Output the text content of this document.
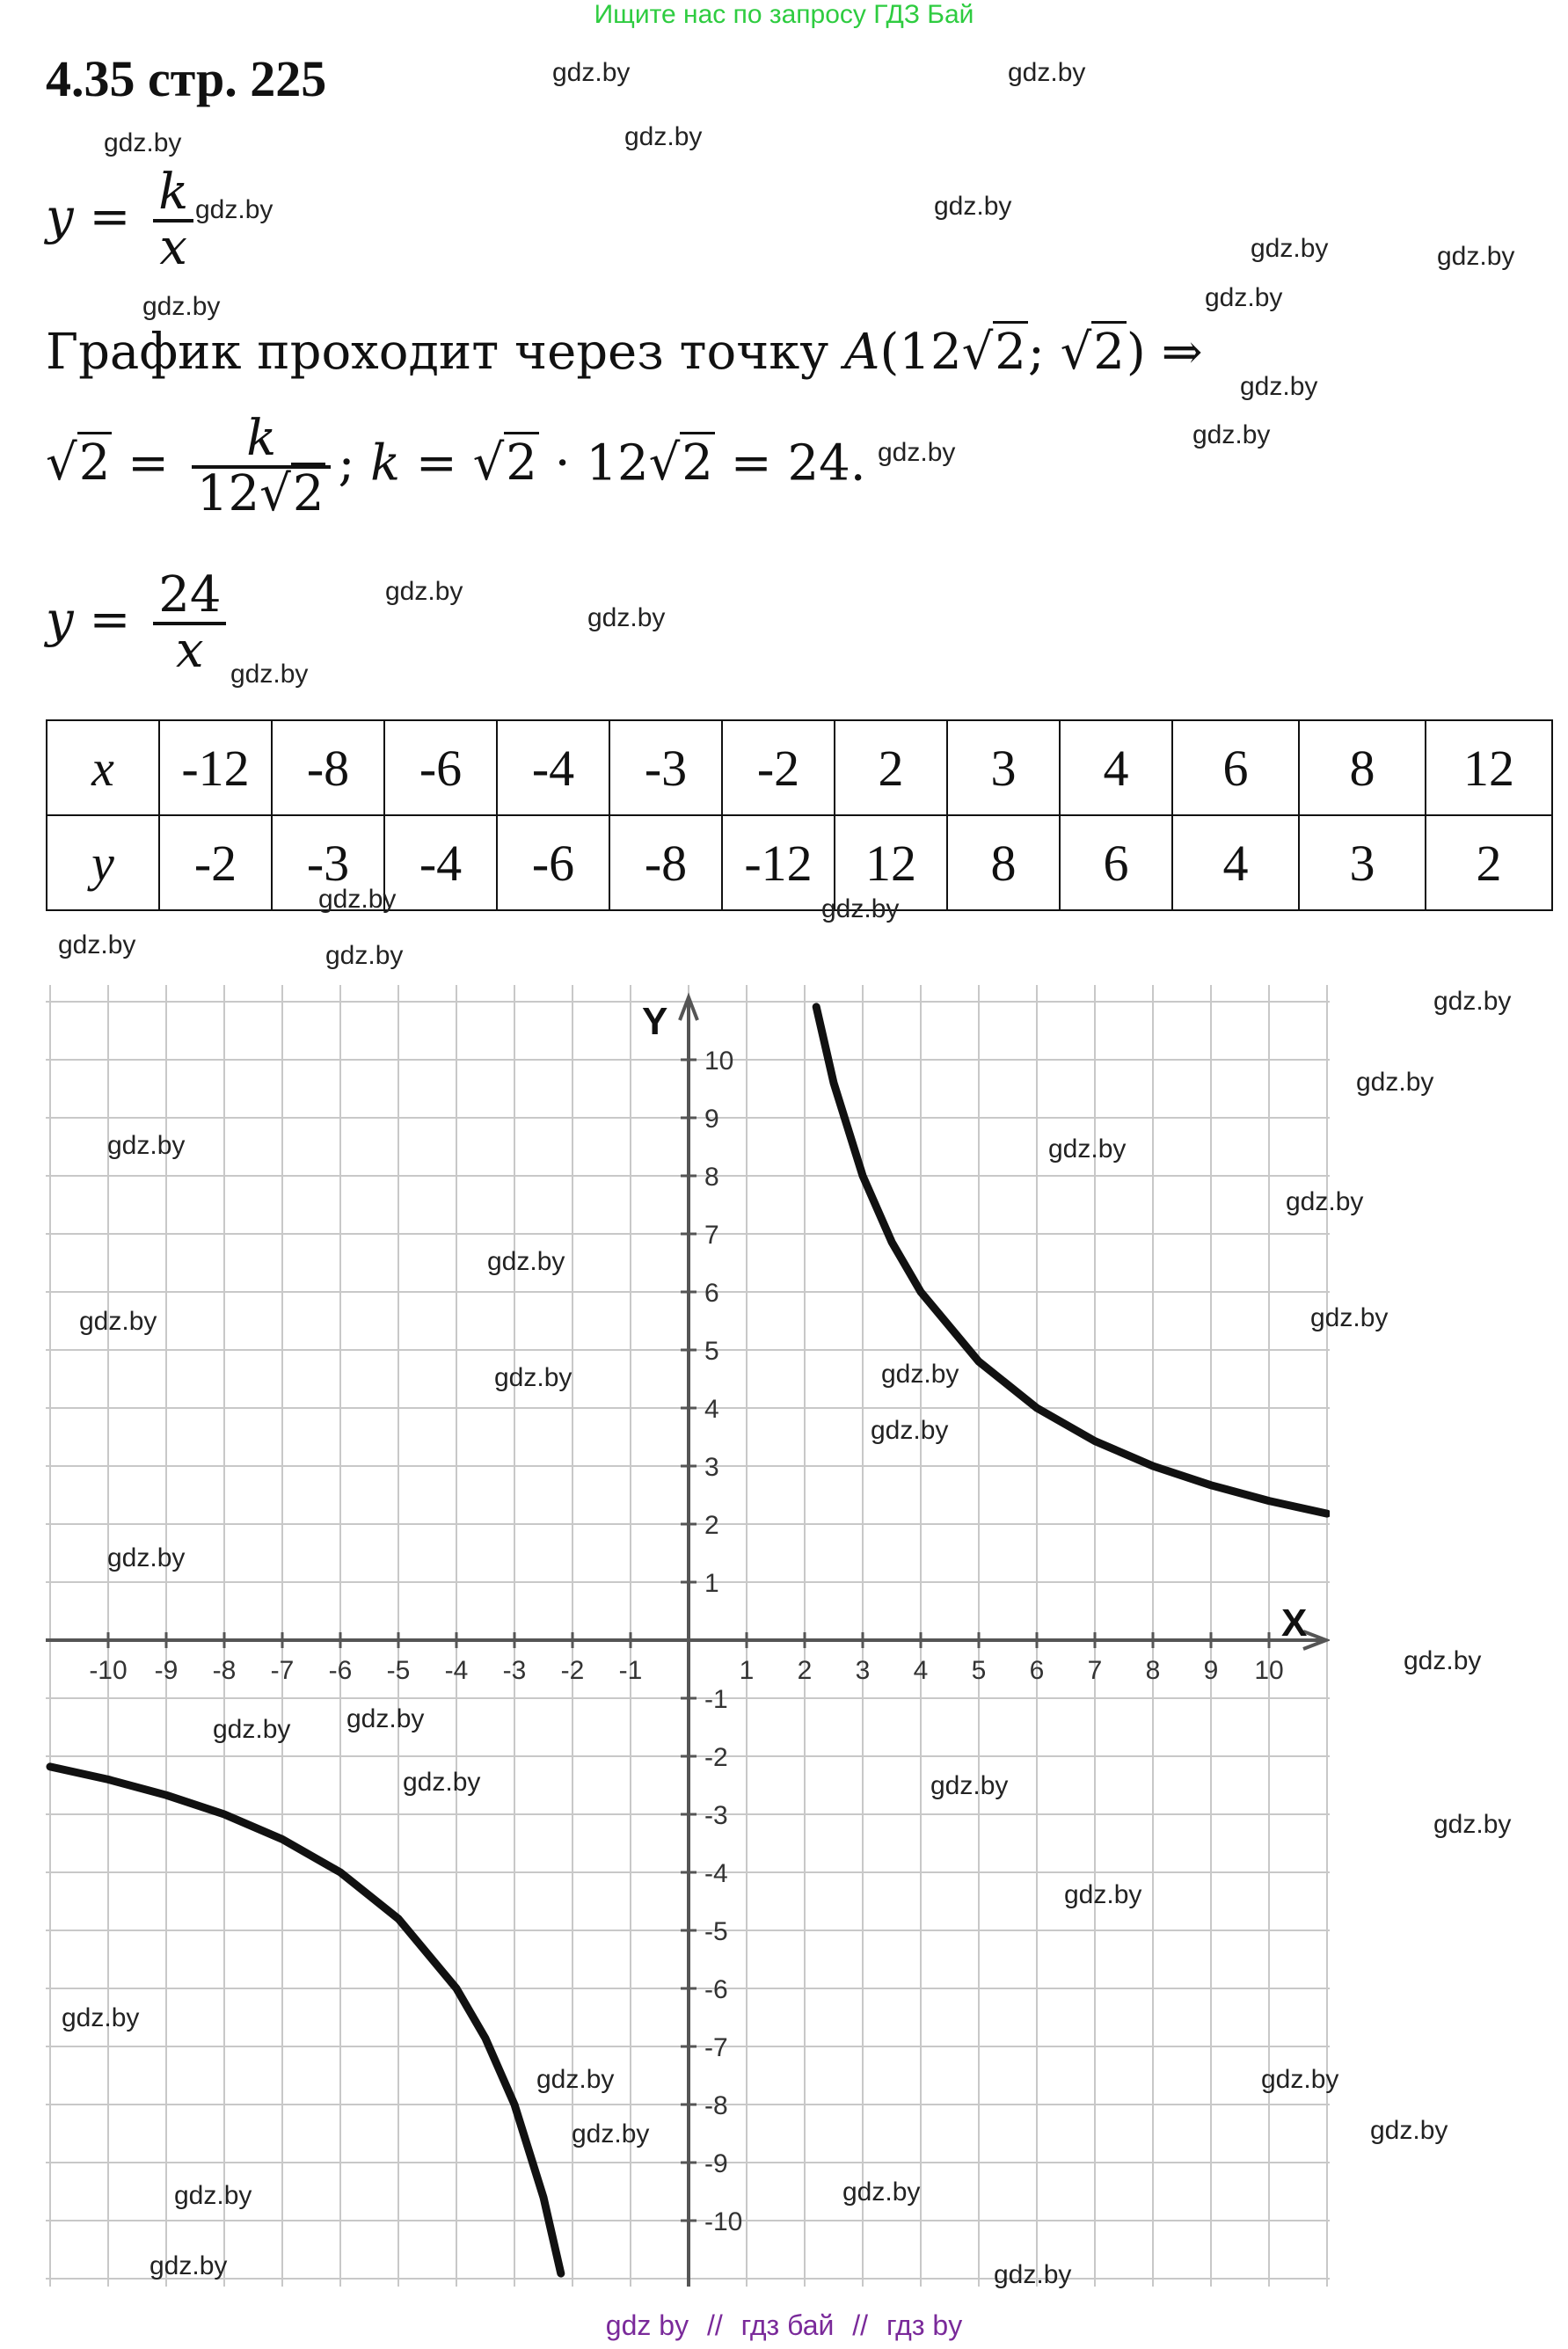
Ищите нас по запросу ГДЗ Бай
4.35 стр. 225
$y = \frac{k}{x}$
График проходит через точку A(12√2; √2) ⇒
$√2 = \frac{k}{12√2}$ ; k = √2 · 12√2 = 24.
$y = \frac{24}{x}$
x	-12	-8	-6	-4	-3	-2	2	3	4	6	8	12
y	-2	-3	-4	-6	-8	-12	12	8	6	4	3	2
-10 -9 -8 -7 -6 -5 -4 -3 -2 -1	1 2 3 4 5 6 7 8 9 10
10
9
8
7
6
5
4
3
2
1
-1
-2
-3
-4
-5
-6
-7
-8
-9
-10
X
Y
gdz.by	gdz.by
gdz.by	gdz.by
gdz.by	gdz.by
gdz.by	gdz.by
gdz.by	gdz.by
gdz.by
gdz.by
gdz.by
gdz.by
gdz.by
gdz.by
gdz.by	gdz.by
gdz.by	gdz.by
gdz.by
gdz.by
gdz.by	gdz.by
gdz.by
gdz.by
gdz.by	gdz.by
gdz.by	gdz.by
gdz.by
gdz.by
gdz.by
gdz.by gdz.by
gdz.by	gdz.by
gdz.by
gdz.by
gdz.by
gdz.by	gdz.by
gdz.by	gdz.by
gdz.by	gdz.by
gdz.by	gdz.by
gdz by // гдз бай // гдз by
